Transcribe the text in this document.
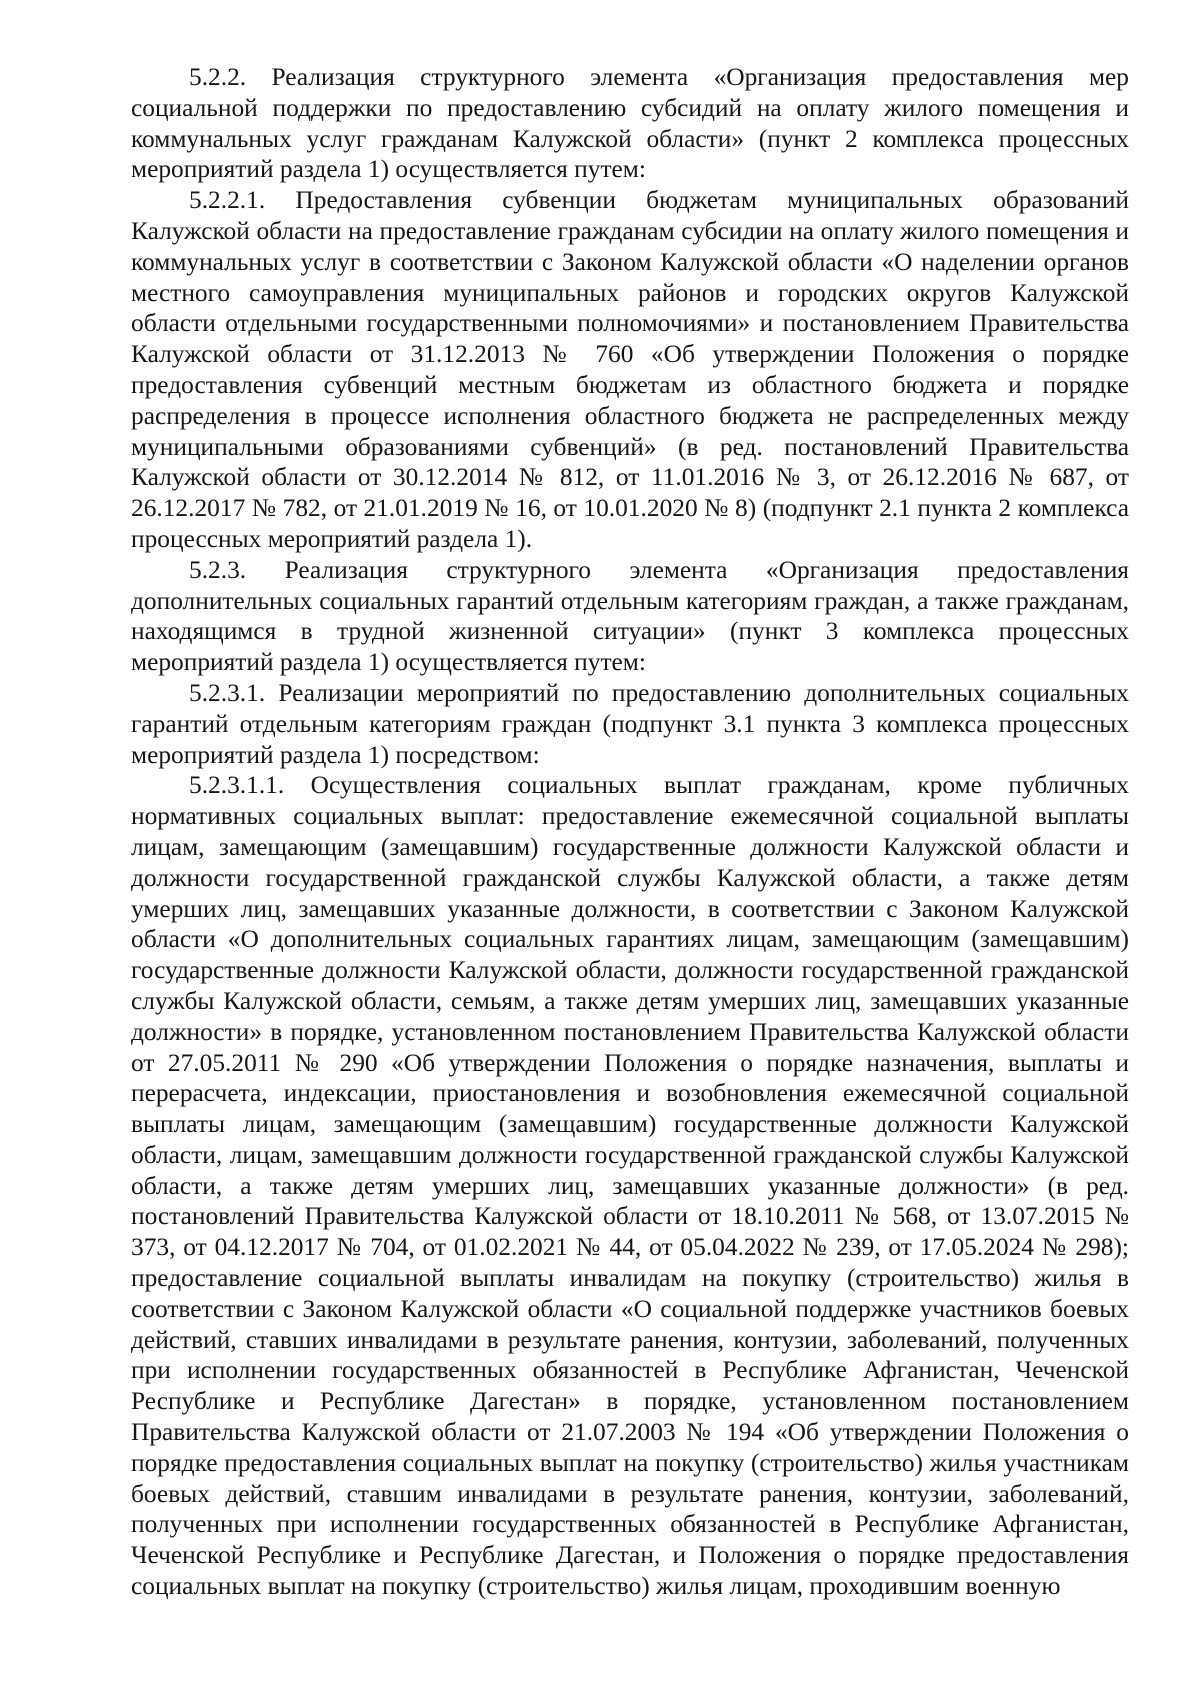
5.2.2. Реализация структурного элемента «Организация предоставления мер социальной поддержки по предоставлению субсидий на оплату жилого помещения и коммунальных услуг гражданам Калужской области» (пункт 2 комплекса процессных мероприятий раздела 1) осуществляется путем:

5.2.2.1. Предоставления субвенции бюджетам муниципальных образований Калужской области на предоставление гражданам субсидии на оплату жилого помещения и коммунальных услуг в соответствии с Законом Калужской области «О наделении органов местного самоуправления муниципальных районов и городских округов Калужской области отдельными государственными полномочиями» и постановлением Правительства Калужской области от 31.12.2013 № 760 «Об утверждении Положения о порядке предоставления субвенций местным бюджетам из областного бюджета и порядке распределения в процессе исполнения областного бюджета не распределенных между муниципальными образованиями субвенций» (в ред. постановлений Правительства Калужской области от 30.12.2014 № 812, от 11.01.2016 № 3, от 26.12.2016 № 687, от 26.12.2017 № 782, от 21.01.2019 № 16, от 10.01.2020 № 8) (подпункт 2.1 пункта 2 комплекса процессных мероприятий раздела 1).

5.2.3. Реализация структурного элемента «Организация предоставления дополнительных социальных гарантий отдельным категориям граждан, а также гражданам, находящимся в трудной жизненной ситуации» (пункт 3 комплекса процессных мероприятий раздела 1) осуществляется путем:

5.2.3.1. Реализации мероприятий по предоставлению дополнительных социальных гарантий отдельным категориям граждан (подпункт 3.1 пункта 3 комплекса процессных мероприятий раздела 1) посредством:

5.2.3.1.1. Осуществления социальных выплат гражданам, кроме публичных нормативных социальных выплат: предоставление ежемесячной социальной выплаты лицам, замещающим (замещавшим) государственные должности Калужской области и должности государственной гражданской службы Калужской области, а также детям умерших лиц, замещавших указанные должности, в соответствии с Законом Калужской области «О дополнительных социальных гарантиях лицам, замещающим (замещавшим) государственные должности Калужской области, должности государственной гражданской службы Калужской области, семьям, а также детям умерших лиц, замещавших указанные должности» в порядке, установленном постановлением Правительства Калужской области от 27.05.2011 № 290 «Об утверждении Положения о порядке назначения, выплаты и перерасчета, индексации, приостановления и возобновления ежемесячной социальной выплаты лицам, замещающим (замещавшим) государственные должности Калужской области, лицам, замещавшим должности государственной гражданской службы Калужской области, а также детям умерших лиц, замещавших указанные должности» (в ред. постановлений Правительства Калужской области от 18.10.2011 № 568, от 13.07.2015 № 373, от 04.12.2017 № 704, от 01.02.2021 № 44, от 05.04.2022 № 239, от 17.05.2024 № 298); предоставление социальной выплаты инвалидам на покупку (строительство) жилья в соответствии с Законом Калужской области «О социальной поддержке участников боевых действий, ставших инвалидами в результате ранения, контузии, заболеваний, полученных при исполнении государственных обязанностей в Республике Афганистан, Чеченской Республике и Республике Дагестан» в порядке, установленном постановлением Правительства Калужской области от 21.07.2003 № 194 «Об утверждении Положения о порядке предоставления социальных выплат на покупку (строительство) жилья участникам боевых действий, ставшим инвалидами в результате ранения, контузии, заболеваний, полученных при исполнении государственных обязанностей в Республике Афганистан, Чеченской Республике и Республике Дагестан, и Положения о порядке предоставления социальных выплат на покупку (строительство) жилья лицам, проходившим военную
